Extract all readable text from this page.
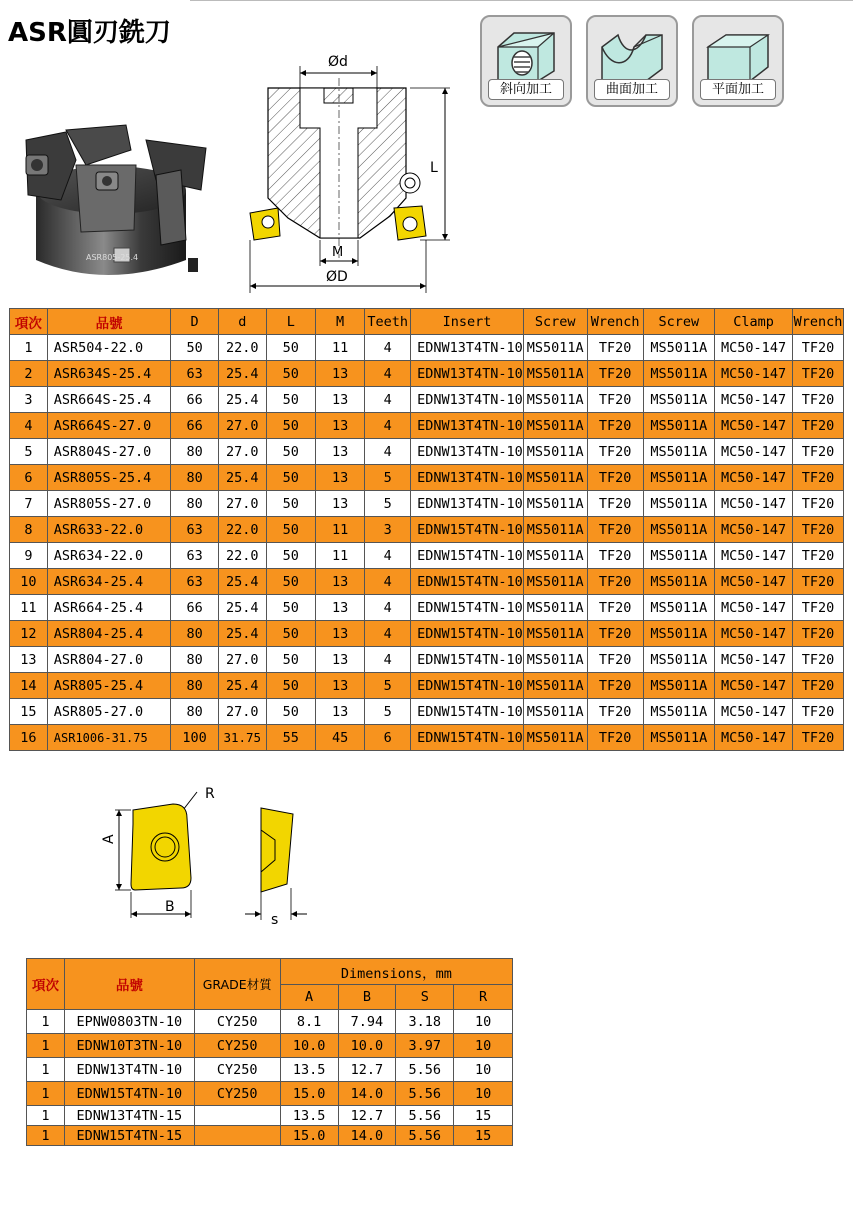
ASR圓刃銑刀
斜向加工	曲面加工	平面加工
ASR805-25.4
Ød
L
M
ØD
項次	品號	D	d	L	M	Teeth	Insert	Screw	Wrench	Screw	Clamp	Wrench
1	ASR504-22.0	50	22.0	50	11	4	EDNW13T4TN-10	MS5011A	TF20	MS5011A	MC50-147	TF20
2	ASR634S-25.4	63	25.4	50	13	4	EDNW13T4TN-10	MS5011A	TF20	MS5011A	MC50-147	TF20
3	ASR664S-25.4	66	25.4	50	13	4	EDNW13T4TN-10	MS5011A	TF20	MS5011A	MC50-147	TF20
4	ASR664S-27.0	66	27.0	50	13	4	EDNW13T4TN-10	MS5011A	TF20	MS5011A	MC50-147	TF20
5	ASR804S-27.0	80	27.0	50	13	4	EDNW13T4TN-10	MS5011A	TF20	MS5011A	MC50-147	TF20
6	ASR805S-25.4	80	25.4	50	13	5	EDNW13T4TN-10	MS5011A	TF20	MS5011A	MC50-147	TF20
7	ASR805S-27.0	80	27.0	50	13	5	EDNW13T4TN-10	MS5011A	TF20	MS5011A	MC50-147	TF20
8	ASR633-22.0	63	22.0	50	11	3	EDNW15T4TN-10	MS5011A	TF20	MS5011A	MC50-147	TF20
9	ASR634-22.0	63	22.0	50	11	4	EDNW15T4TN-10	MS5011A	TF20	MS5011A	MC50-147	TF20
10	ASR634-25.4	63	25.4	50	13	4	EDNW15T4TN-10	MS5011A	TF20	MS5011A	MC50-147	TF20
11	ASR664-25.4	66	25.4	50	13	4	EDNW15T4TN-10	MS5011A	TF20	MS5011A	MC50-147	TF20
12	ASR804-25.4	80	25.4	50	13	4	EDNW15T4TN-10	MS5011A	TF20	MS5011A	MC50-147	TF20
13	ASR804-27.0	80	27.0	50	13	4	EDNW15T4TN-10	MS5011A	TF20	MS5011A	MC50-147	TF20
14	ASR805-25.4	80	25.4	50	13	5	EDNW15T4TN-10	MS5011A	TF20	MS5011A	MC50-147	TF20
15	ASR805-27.0	80	27.0	50	13	5	EDNW15T4TN-10	MS5011A	TF20	MS5011A	MC50-147	TF20
16	ASR1006-31.75	100	31.75	55	45	6	EDNW15T4TN-10	MS5011A	TF20	MS5011A	MC50-147	TF20
R
A
B
s
項次	品號	GRADE材質	Dimensions，mm			
			A	B	S	R
1	EPNW0803TN-10	CY250	8.1	7.94	3.18	10
1	EDNW10T3TN-10	CY250	10.0	10.0	3.97	10
1	EDNW13T4TN-10	CY250	13.5	12.7	5.56	10
1	EDNW15T4TN-10	CY250	15.0	14.0	5.56	10
1	EDNW13T4TN-15		13.5	12.7	5.56	15
1	EDNW15T4TN-15		15.0	14.0	5.56	15
